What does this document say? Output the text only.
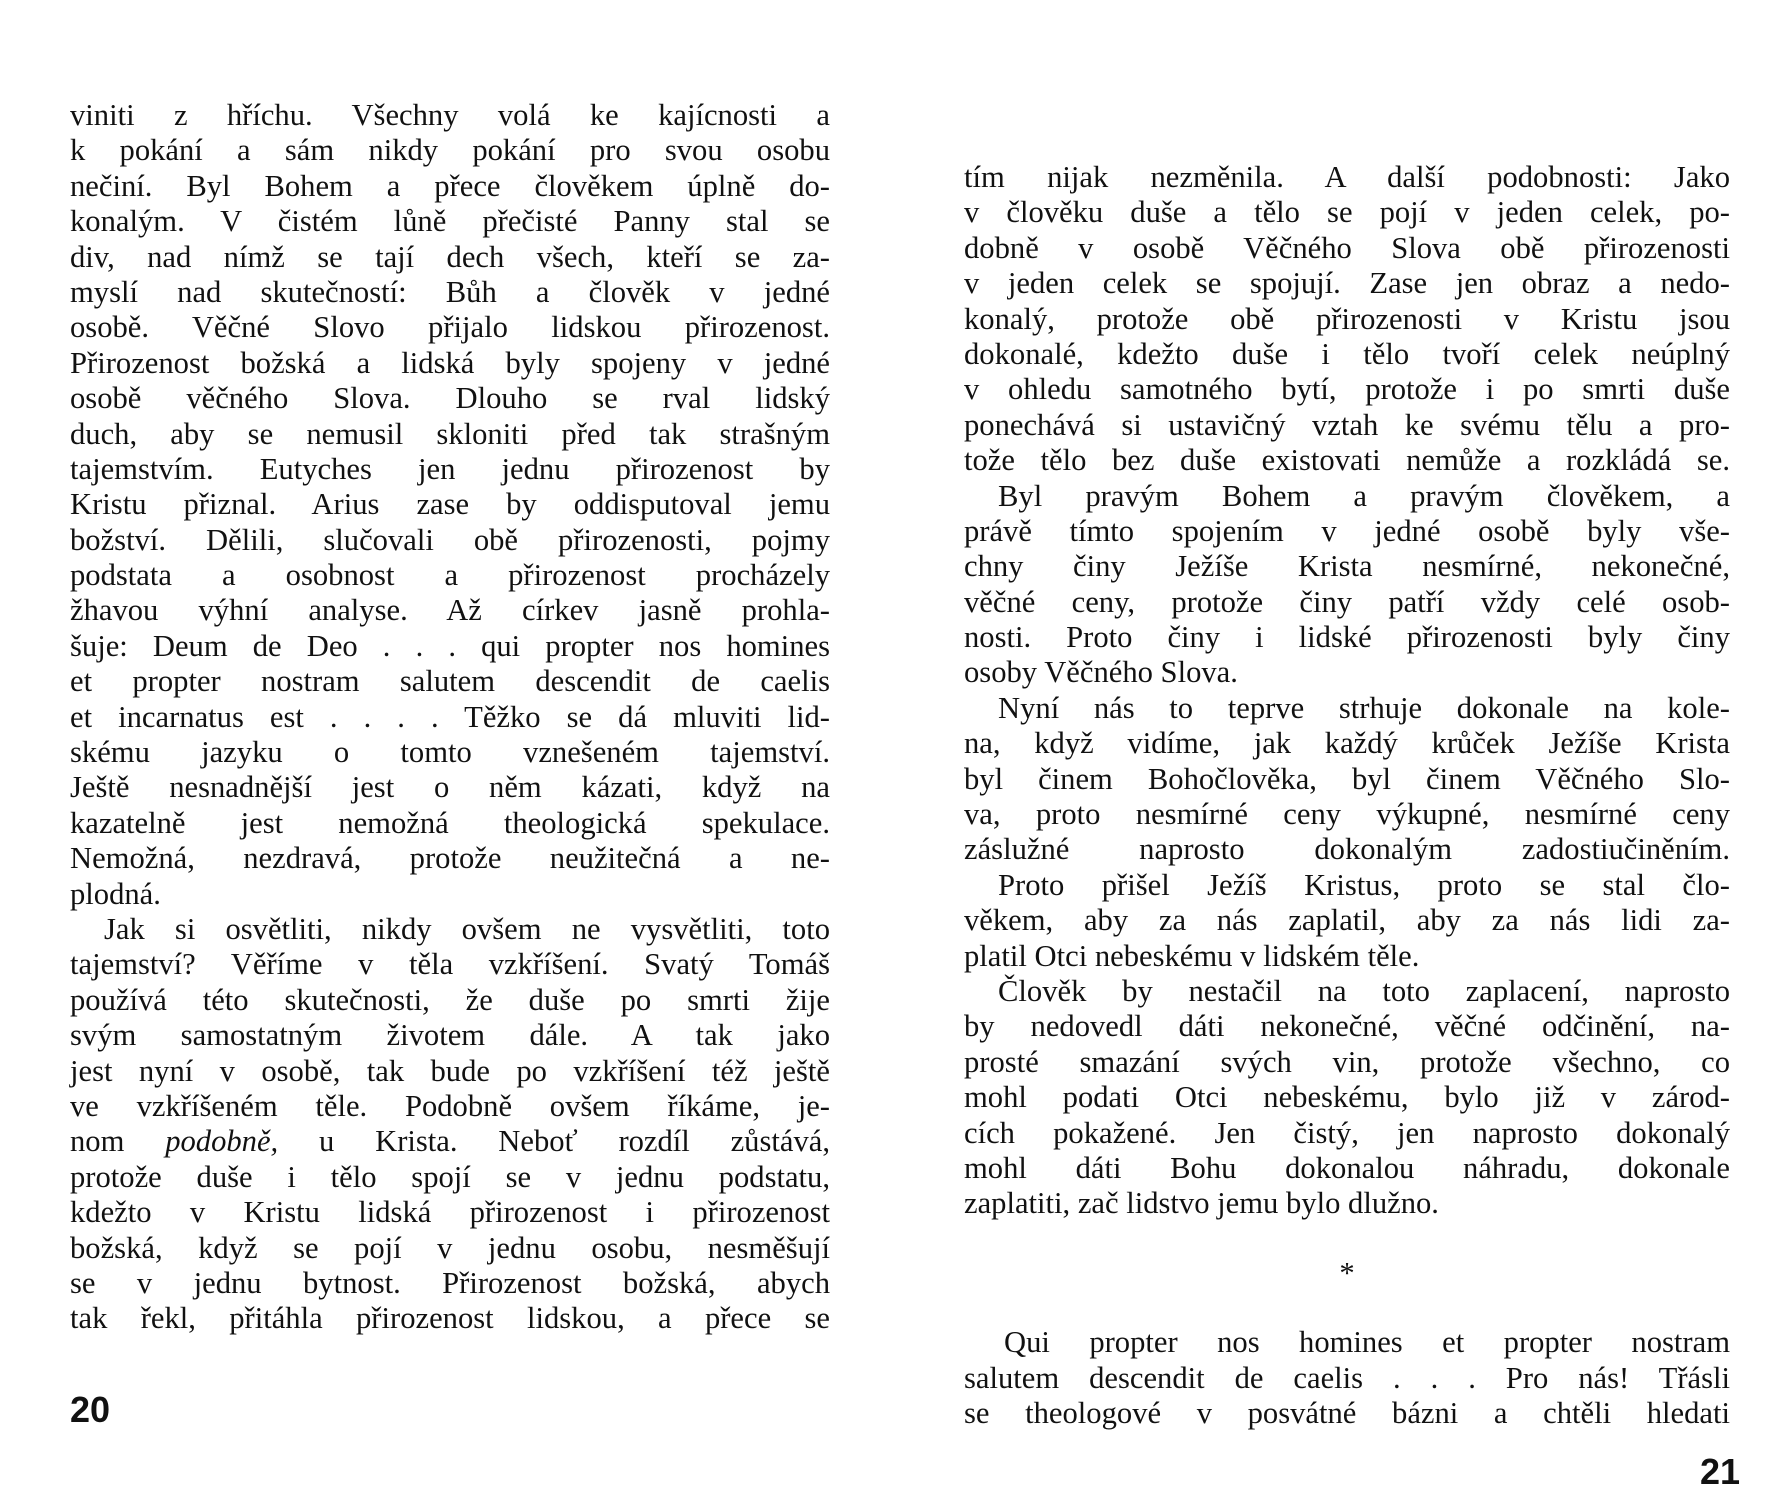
viniti z hříchu. Všechny volá ke kajícnosti a
k pokání a sám nikdy pokání pro svou osobu
nečiní. Byl Bohem a přece člověkem úplně do-
konalým. V čistém lůně přečisté Panny stal se
div, nad nímž se tají dech všech, kteří se za-
myslí nad skutečností: Bůh a člověk v jedné
osobě. Věčné Slovo přijalo lidskou přirozenost.
Přirozenost božská a lidská byly spojeny v jedné
osobě věčného Slova. Dlouho se rval lidský
duch, aby se nemusil skloniti před tak strašným
tajemstvím. Eutyches jen jednu přirozenost by
Kristu přiznal. Arius zase by oddisputoval jemu
božství. Dělili, slučovali obě přirozenosti, pojmy
podstata a osobnost a přirozenost procházely
žhavou výhní analyse. Až církev jasně prohla-
šuje: Deum de Deo . . . qui propter nos homines
et propter nostram salutem descendit de caelis
et incarnatus est . . . . Těžko se dá mluviti lid-
skému jazyku o tomto vznešeném tajemství.
Ještě nesnadnější jest o něm kázati, když na
kazatelně jest nemožná theologická spekulace.
Nemožná, nezdravá, protože neužitečná a ne-
plodná.
Jak si osvětliti, nikdy ovšem ne vysvětliti, toto
tajemství? Věříme v těla vzkříšení. Svatý Tomáš
používá této skutečnosti, že duše po smrti žije
svým samostatným životem dále. A tak jako
jest nyní v osobě, tak bude po vzkříšení též ještě
ve vzkříšeném těle. Podobně ovšem říkáme, je-
nom podobně, u Krista. Neboť rozdíl zůstává,
protože duše i tělo spojí se v jednu podstatu,
kdežto v Kristu lidská přirozenost i přirozenost
božská, když se pojí v jednu osobu, nesměšují
se v jednu bytnost. Přirozenost božská, abych
tak řekl, přitáhla přirozenost lidskou, a přece se
20
tím nijak nezměnila. A další podobnosti: Jako
v člověku duše a tělo se pojí v jeden celek, po-
dobně v osobě Věčného Slova obě přirozenosti
v jeden celek se spojují. Zase jen obraz a nedo-
konalý, protože obě přirozenosti v Kristu jsou
dokonalé, kdežto duše i tělo tvoří celek neúplný
v ohledu samotného bytí, protože i po smrti duše
ponechává si ustavičný vztah ke svému tělu a pro-
tože tělo bez duše existovati nemůže a rozkládá se.
Byl pravým Bohem a pravým člověkem, a
právě tímto spojením v jedné osobě byly vše-
chny činy Ježíše Krista nesmírné, nekonečné,
věčné ceny, protože činy patří vždy celé osob-
nosti. Proto činy i lidské přirozenosti byly činy
osoby Věčného Slova.
Nyní nás to teprve strhuje dokonale na kole-
na, když vidíme, jak každý krůček Ježíše Krista
byl činem Bohočlověka, byl činem Věčného Slo-
va, proto nesmírné ceny výkupné, nesmírné ceny
záslužné naprosto dokonalým zadostiučiněním.
Proto přišel Ježíš Kristus, proto se stal člo-
věkem, aby za nás zaplatil, aby za nás lidi za-
platil Otci nebeskému v lidském těle.
Člověk by nestačil na toto zaplacení, naprosto
by nedovedl dáti nekonečné, věčné odčinění, na-
prosté smazání svých vin, protože všechno, co
mohl podati Otci nebeskému, bylo již v zárod-
cích pokažené. Jen čistý, jen naprosto dokonalý
mohl dáti Bohu dokonalou náhradu, dokonale
zaplatiti, zač lidstvo jemu bylo dlužno.
*
Qui propter nos homines et propter nostram
salutem descendit de caelis . . . Pro nás! Třásli
se theologové v posvátné bázni a chtěli hledati
21
